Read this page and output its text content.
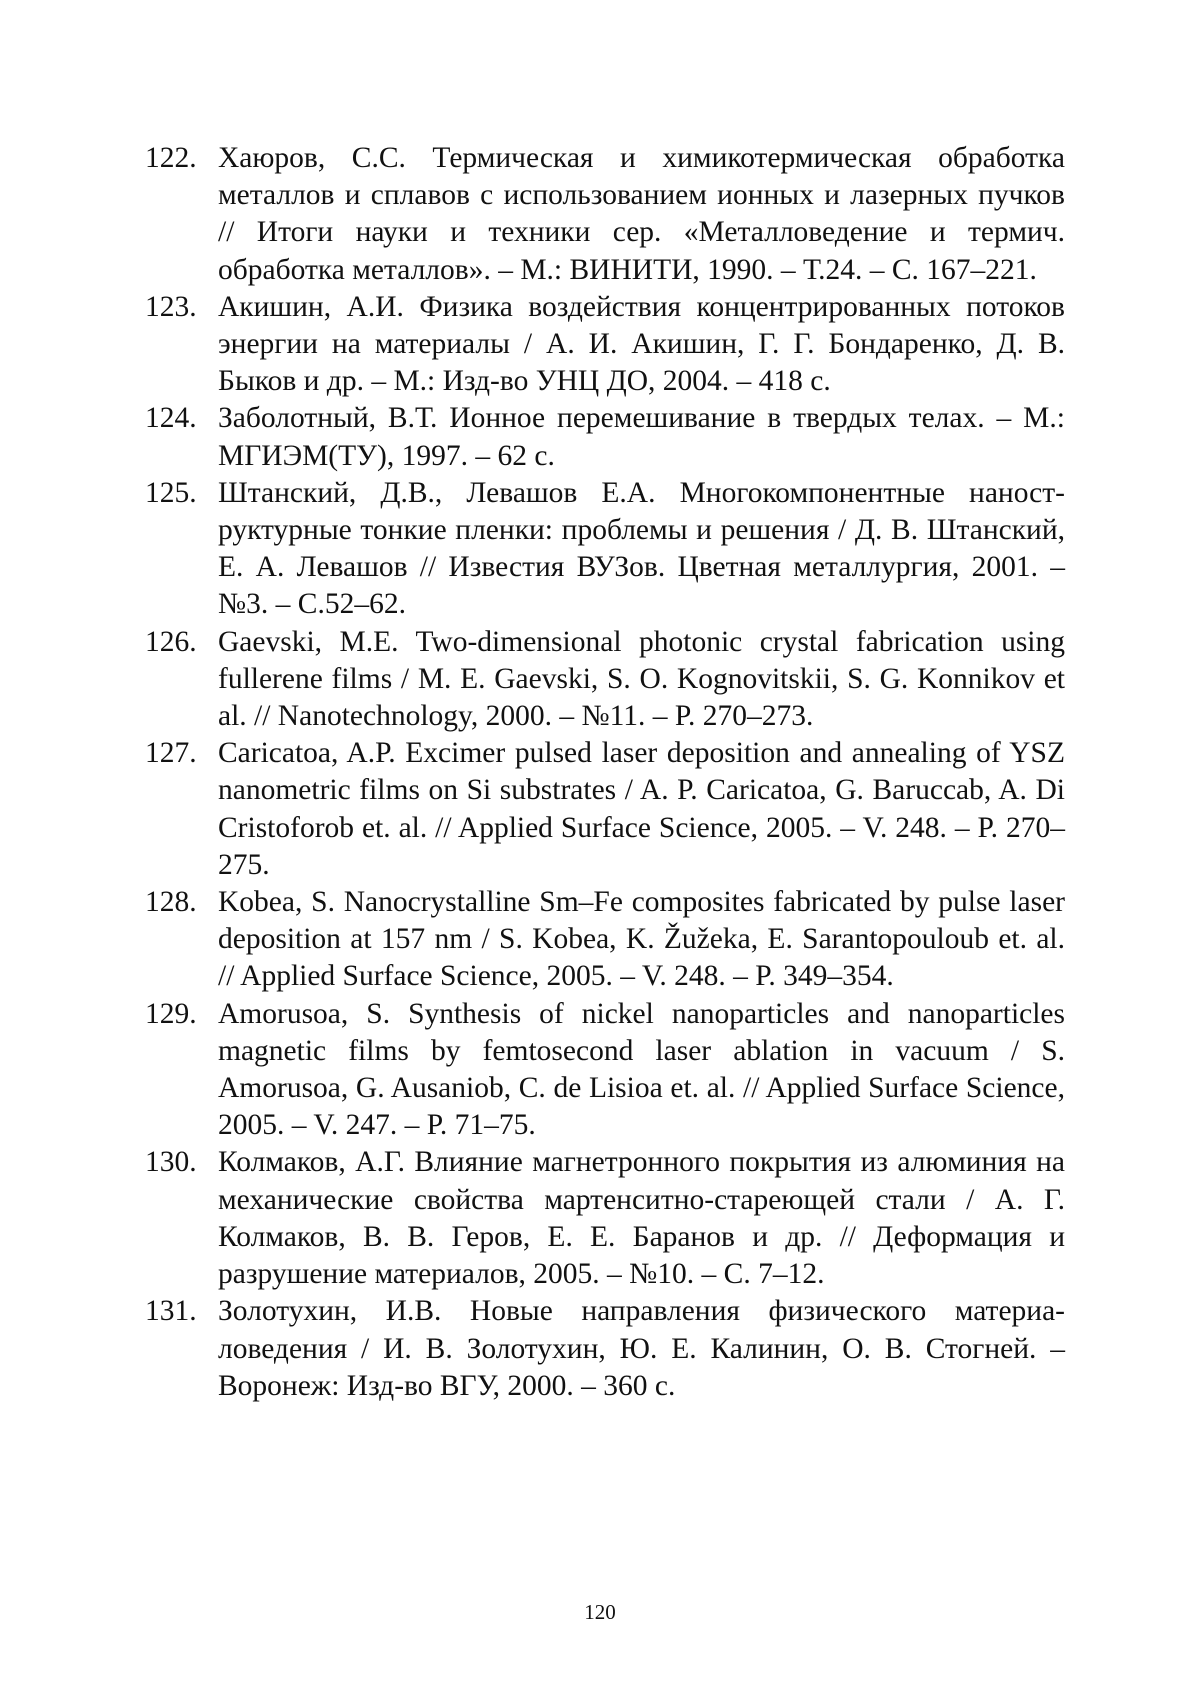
122. Хаюров, С.С. Термическая и химикотермическая обработка металлов и сплавов с использованием ионных и лазерных пучков // Итоги науки и техники сер. «Металловедение и термич. обработка металлов». – М.: ВИНИТИ, 1990. – Т.24. – С. 167–221.
123. Акишин, А.И. Физика воздействия концентрированных потоков энергии на материалы / А. И. Акишин, Г. Г. Бондаренко, Д. В. Быков и др. – М.: Изд-во УНЦ ДО, 2004. – 418 с.
124. Заболотный, В.Т. Ионное перемешивание в твердых телах. – М.: МГИЭМ(ТУ), 1997. – 62 с.
125. Штанский, Д.В., Левашов Е.А. Многокомпонентные наноструктурные тонкие пленки: проблемы и решения / Д. В. Штанский, Е. А. Левашов // Известия ВУЗов. Цветная металлургия, 2001. – №3. – С.52–62.
126. Gaevski, M.E. Two-dimensional photonic crystal fabrication using fullerene films / M. E. Gaevski, S. O. Kognovitskii, S. G. Konnikov et al. // Nanotechnology, 2000. – №11. – P. 270–273.
127. Caricatoa, A.P. Excimer pulsed laser deposition and annealing of YSZ nanometric films on Si substrates / A. P. Caricatoa, G. Baruccab, A. Di Cristoforob et. al. // Applied Surface Science, 2005. – V. 248. – P. 270–275.
128. Kobea, S. Nanocrystalline Sm–Fe composites fabricated by pulse laser deposition at 157 nm / S. Kobea, K. Žužeka, E. Sarantopouloub et. al. // Applied Surface Science, 2005. – V. 248. – P. 349–354.
129. Amorusoa, S. Synthesis of nickel nanoparticles and nanoparticles magnetic films by femtosecond laser ablation in vacuum / S. Amorusoa, G. Ausaniob, C. de Lisioa et. al. // Applied Surface Science, 2005. – V. 247. – P. 71–75.
130. Колмаков, А.Г. Влияние магнетронного покрытия из алюминия на механические свойства мартенситно-стареющей стали / А. Г. Колмаков, В. В. Геров, Е. Е. Баранов и др. // Деформация и разрушение материалов, 2005. – №10. – С. 7–12.
131. Золотухин, И.В. Новые направления физического материаловедения / И. В. Золотухин, Ю. Е. Калинин, О. В. Стогней. – Воронеж: Изд-во ВГУ, 2000. – 360 с.
120
